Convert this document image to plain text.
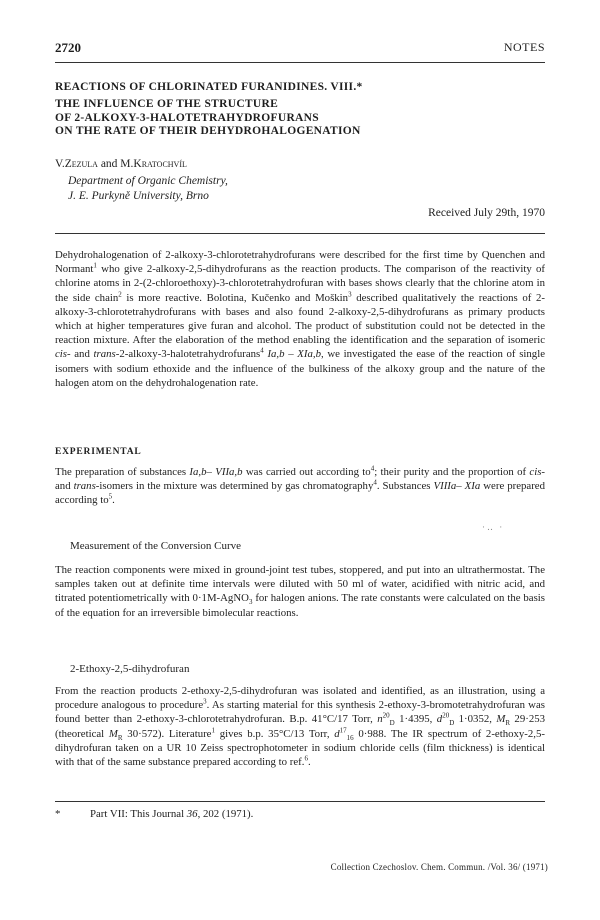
2720	NOTES
REACTIONS OF CHLORINATED FURANIDINES. VIII.*
THE INFLUENCE OF THE STRUCTURE
OF 2-ALKOXY-3-HALOTETRAHYDROFURANS
ON THE RATE OF THEIR DEHYDROHALOGENATION
V.Zezula and M.Kratochvíl
Department of Organic Chemistry,
J. E. Purkyně University, Brno
Received July 29th, 1970
Dehydrohalogenation of 2-alkoxy-3-chlorotetrahydrofurans were described for the first time by Quenchen and Normant$^1$ who give 2-alkoxy-2,5-dihydrofurans as the reaction products. The comparison of the reactivity of chlorine atoms in 2-(2-chloroethoxy)-3-chlorotetrahydrofuran with bases shows clearly that the chlorine atom in the side chain$^2$ is more reactive. Bolotina, Kučenko and Moškin$^3$ described qualitatively the reactions of 2-alkoxy-3-chlorotetrahydrofurans with bases and also found 2-alkoxy-2,5-dihydrofurans as primary products which at higher temperatures give furan and alcohol. The product of substitution could not be detected in the reaction mixture. After the elaboration of the method enabling the identification and the separation of isomeric cis- and trans-2-alkoxy-3-halotetrahydrofurans$^4$ Ia,b – XIa,b, we investigated the ease of the reaction of single isomers with sodium ethoxide and the influence of the bulkiness of the alkoxy group and the nature of the halogen atom on the dehydrohalogenation rate.
EXPERIMENTAL
The preparation of substances Ia,b– VIIa,b was carried out according $to^4$; their purity and the proportion of cis- and trans-isomers in the mixture was determined by gas chromatography$^4$. Substances VIIIa– XIa were prepared according $to^5$.
·‥ ·
Measurement of the Conversion Curve
The reaction components were mixed in ground-joint test tubes, stoppered, and put into an ultrathermostat. The samples taken out at definite time intervals were diluted with 50 ml of water, acidified with nitric acid, and titrated potentiometrically with 0·1M-AgNO$_3$ for halogen anions. The rate constants were calculated on the basis of the equation for an irreversible bimolecular reactions.
2-Ethoxy-2,5-dihydrofuran
From the reaction products 2-ethoxy-2,5-dihydrofuran was isolated and identified, as an illustration, using a procedure analogous to procedure$^3$. As starting material for this synthesis 2-ethoxy-3-bromotetrahydrofuran was found better than 2-ethoxy-3-chlorotetrahydrofuran. B.p. 41°C/17 Torr, $n^{20}_D$ 1·4395, $d^{20}_D$ 1·0352, $M_R$ 29·253 (theoretical $M_R$ 30·572). Literature$^1$ gives b.p. 35°C/13 Torr, $d^{17}_{16}$ 0·988. The IR spectrum of 2-ethoxy-2,5-dihydrofuran taken on a UR 10 Zeiss spectrophotometer in sodium chloride cells (film thickness) is identical with that of the same substance prepared according to ref.$^6$.
*	Part VII: This Journal 36, 202 (1971).
Collection Czechoslov. Chem. Commun. /Vol. 36/ (1971)
